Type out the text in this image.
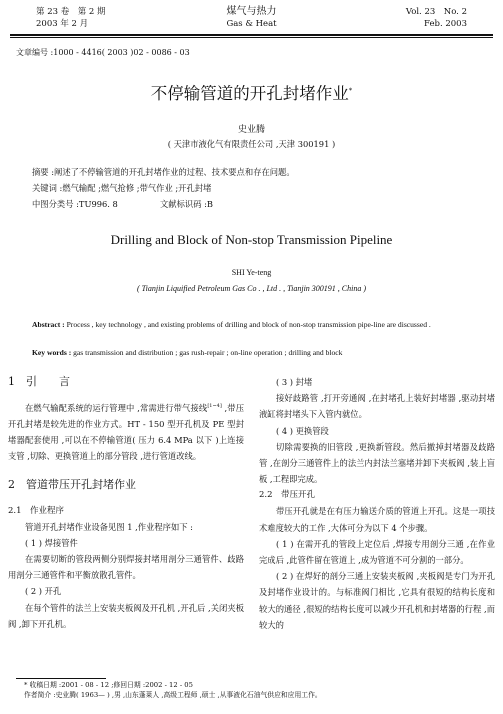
第 23 卷　第 2 期
2003 年 2 月
煤气与热力
Gas & Heat
Vol. 23　No. 2
Feb. 2003
文章编号 :1000 - 4416( 2003 )02 - 0086 - 03
不停输管道的开孔封堵作业*
史业腾
( 天津市液化气有限责任公司 ,天津 300191 )
摘要 :阐述了不停输管道的开孔封堵作业的过程、技术要点和存在问题。
关键词 :燃气输配 ;燃气抢修 ;带气作业 ;开孔封堵
中图分类号 :TU996. 8	文献标识码 :B
Drilling and Block of Non-stop Transmission Pipeline
SHI Ye-teng
( Tianjin Liquified Petroleum Gas Co . , Ltd . , Tianjin 300191 , China )
Abstract : Process , key technology , and existing problems of drilling and block of non-stop transmission pipe-line are discussed .
Key words : gas transmission and distribution ; gas rush-repair ; on-line operation ; drilling and block
1　引　　言
在燃气输配系统的运行管理中 ,常需进行带气接线[1~4] ,带压开孔封堵是较先进的作业方式。HT - 150 型开孔机及 PE 型封堵器配套使用 ,可以在不停输管道( 压力 6.4 MPa 以下 )上连接支管 ,切除、更换管道上的部分管段 ,进行管道改线。
2　管道带压开孔封堵作业
2.1　作业程序
管道开孔封堵作业设备见图 1 ,作业程序如下 :
( 1 ) 焊接管件
在需要切断的管段两侧分别焊接封堵用剖分三通管件、歧路用剖分三通管件和平衡放散孔管件。
( 2 ) 开孔
在每个管件的法兰上安装夹板阀及开孔机 ,开孔后 ,关闭夹板阀 ,卸下开孔机。
( 3 ) 封堵
接好歧路管 ,打开旁通阀 ,在封堵孔上装好封堵器 ,驱动封堵液缸将封堵头下入管内就位。
( 4 ) 更换管段
切除需要换的旧管段 ,更换新管段。然后撤掉封堵器及歧路管 ,在剖分三通管件上的法兰内封法兰塞堵并卸下夹板阀 ,装上盲板 ,工程即完成。
2.2　带压开孔
带压开孔就是在有压力输送介质的管道上开孔。这是一项技术难度较大的工作 ,大体可分为以下 4 个步骤。
( 1 ) 在需开孔的管段上定位后 ,焊接专用剖分三通 ,在作业完成后 ,此管件留在管道上 ,成为管道不可分割的一部分。
( 2 ) 在焊好的剖分三通上安装夹板阀 ,夹板阀是专门为开孔及封堵作业设计的。与标准阀门相比 ,它具有很短的结构长度和较大的通径 ,很短的结构长度可以减少开孔机和封堵器的行程 ,而较大的
* 收稿日期 :2001 - 08 - 12 ;修回日期 :2002 - 12 - 05
作者简介 :史业腾( 1963— ) ,男 ,山东蓬莱人 ,高级工程师 ,硕士 ,从事液化石油气供应和应用工作。
